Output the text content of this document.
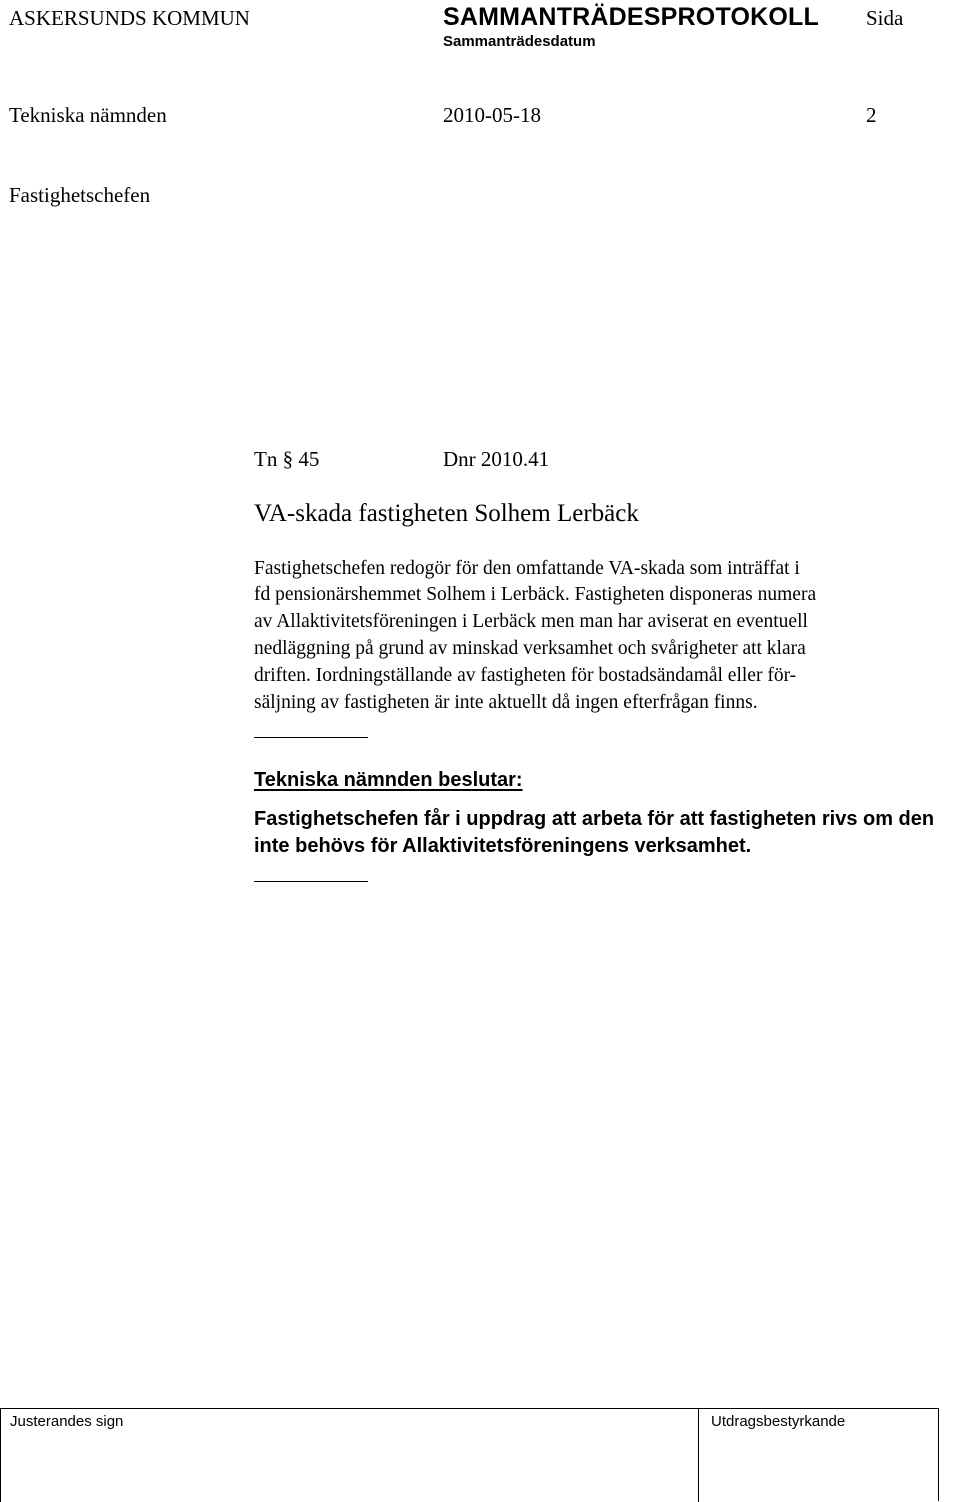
ASKERSUNDS KOMMUN	SAMMANTRÄDESPROTOKOLL Sida
Sammanträdesdatum
Tekniska nämnden	2010-05-18	2
Fastighetschefen
Tn § 45	Dnr 2010.41
VA-skada fastigheten Solhem Lerbäck
Fastighetschefen redogör för den omfattande VA-skada som inträffat i
fd pensionärshemmet Solhem i Lerbäck. Fastigheten disponeras numera
av Allaktivitetsföreningen i Lerbäck men man har aviserat en eventuell
nedläggning på grund av minskad verksamhet och svårigheter att klara
driften. Iordningställande av fastigheten för bostadsändamål eller för-
säljning av fastigheten är inte aktuellt då ingen efterfrågan finns.
Tekniska nämnden beslutar:
Fastighetschefen får i uppdrag att arbeta för att fastigheten rivs om den
inte behövs för Allaktivitetsföreningens verksamhet.
Justerandes sign	Utdragsbestyrkande
